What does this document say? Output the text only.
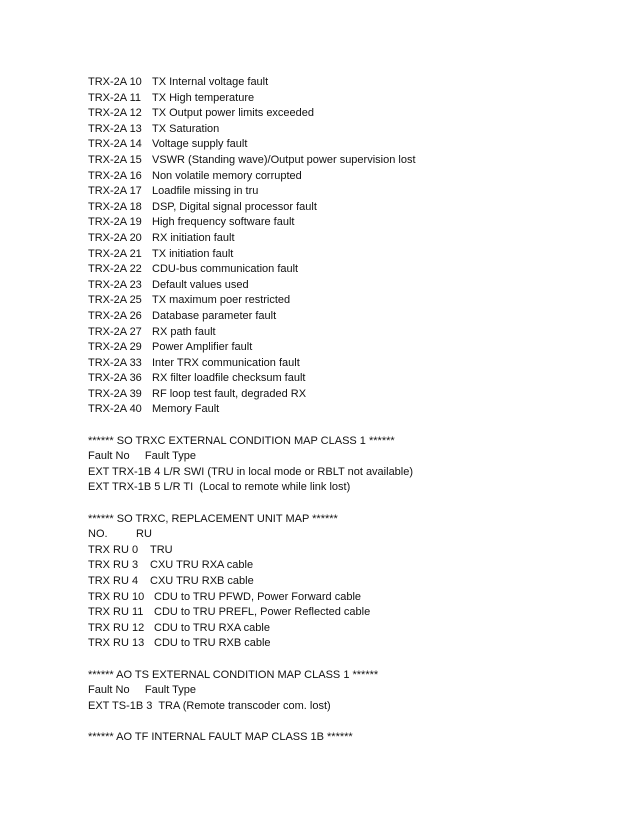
TRX-2A 10 TX Internal voltage fault
TRX-2A 11 TX High temperature
TRX-2A 12 TX Output power limits exceeded
TRX-2A 13 TX Saturation
TRX-2A 14 Voltage supply fault
TRX-2A 15 VSWR (Standing wave)/Output power supervision lost
TRX-2A 16 Non volatile memory corrupted
TRX-2A 17 Loadfile missing in tru
TRX-2A 18 DSP, Digital signal processor fault
TRX-2A 19 High frequency software fault
TRX-2A 20 RX initiation fault
TRX-2A 21 TX initiation fault
TRX-2A 22 CDU-bus communication fault
TRX-2A 23 Default values used
TRX-2A 25 TX maximum poer restricted
TRX-2A 26 Database parameter fault
TRX-2A 27 RX path fault
TRX-2A 29 Power Amplifier fault
TRX-2A 33 Inter TRX communication fault
TRX-2A 36 RX filter loadfile checksum fault
TRX-2A 39 RF loop test fault, degraded RX
TRX-2A 40 Memory Fault
****** SO TRXC EXTERNAL CONDITION MAP CLASS 1 ******
Fault No     Fault Type
EXT TRX-1B 4 L/R SWI (TRU in local mode or RBLT not available)
EXT TRX-1B 5 L/R TI  (Local to remote while link lost)
****** SO TRXC, REPLACEMENT UNIT MAP ******
NO.	RU
TRX RU 0 TRU
TRX RU 3 CXU TRU RXA cable
TRX RU 4 CXU TRU RXB cable
TRX RU 10 CDU to TRU PFWD, Power Forward cable
TRX RU 11 CDU to TRU PREFL, Power Reflected cable
TRX RU 12 CDU to TRU RXA cable
TRX RU 13 CDU to TRU RXB cable
****** AO TS EXTERNAL CONDITION MAP CLASS 1 ******
Fault No     Fault Type
EXT TS-1B 3  TRA (Remote transcoder com. lost)
****** AO TF INTERNAL FAULT MAP CLASS 1B ******
